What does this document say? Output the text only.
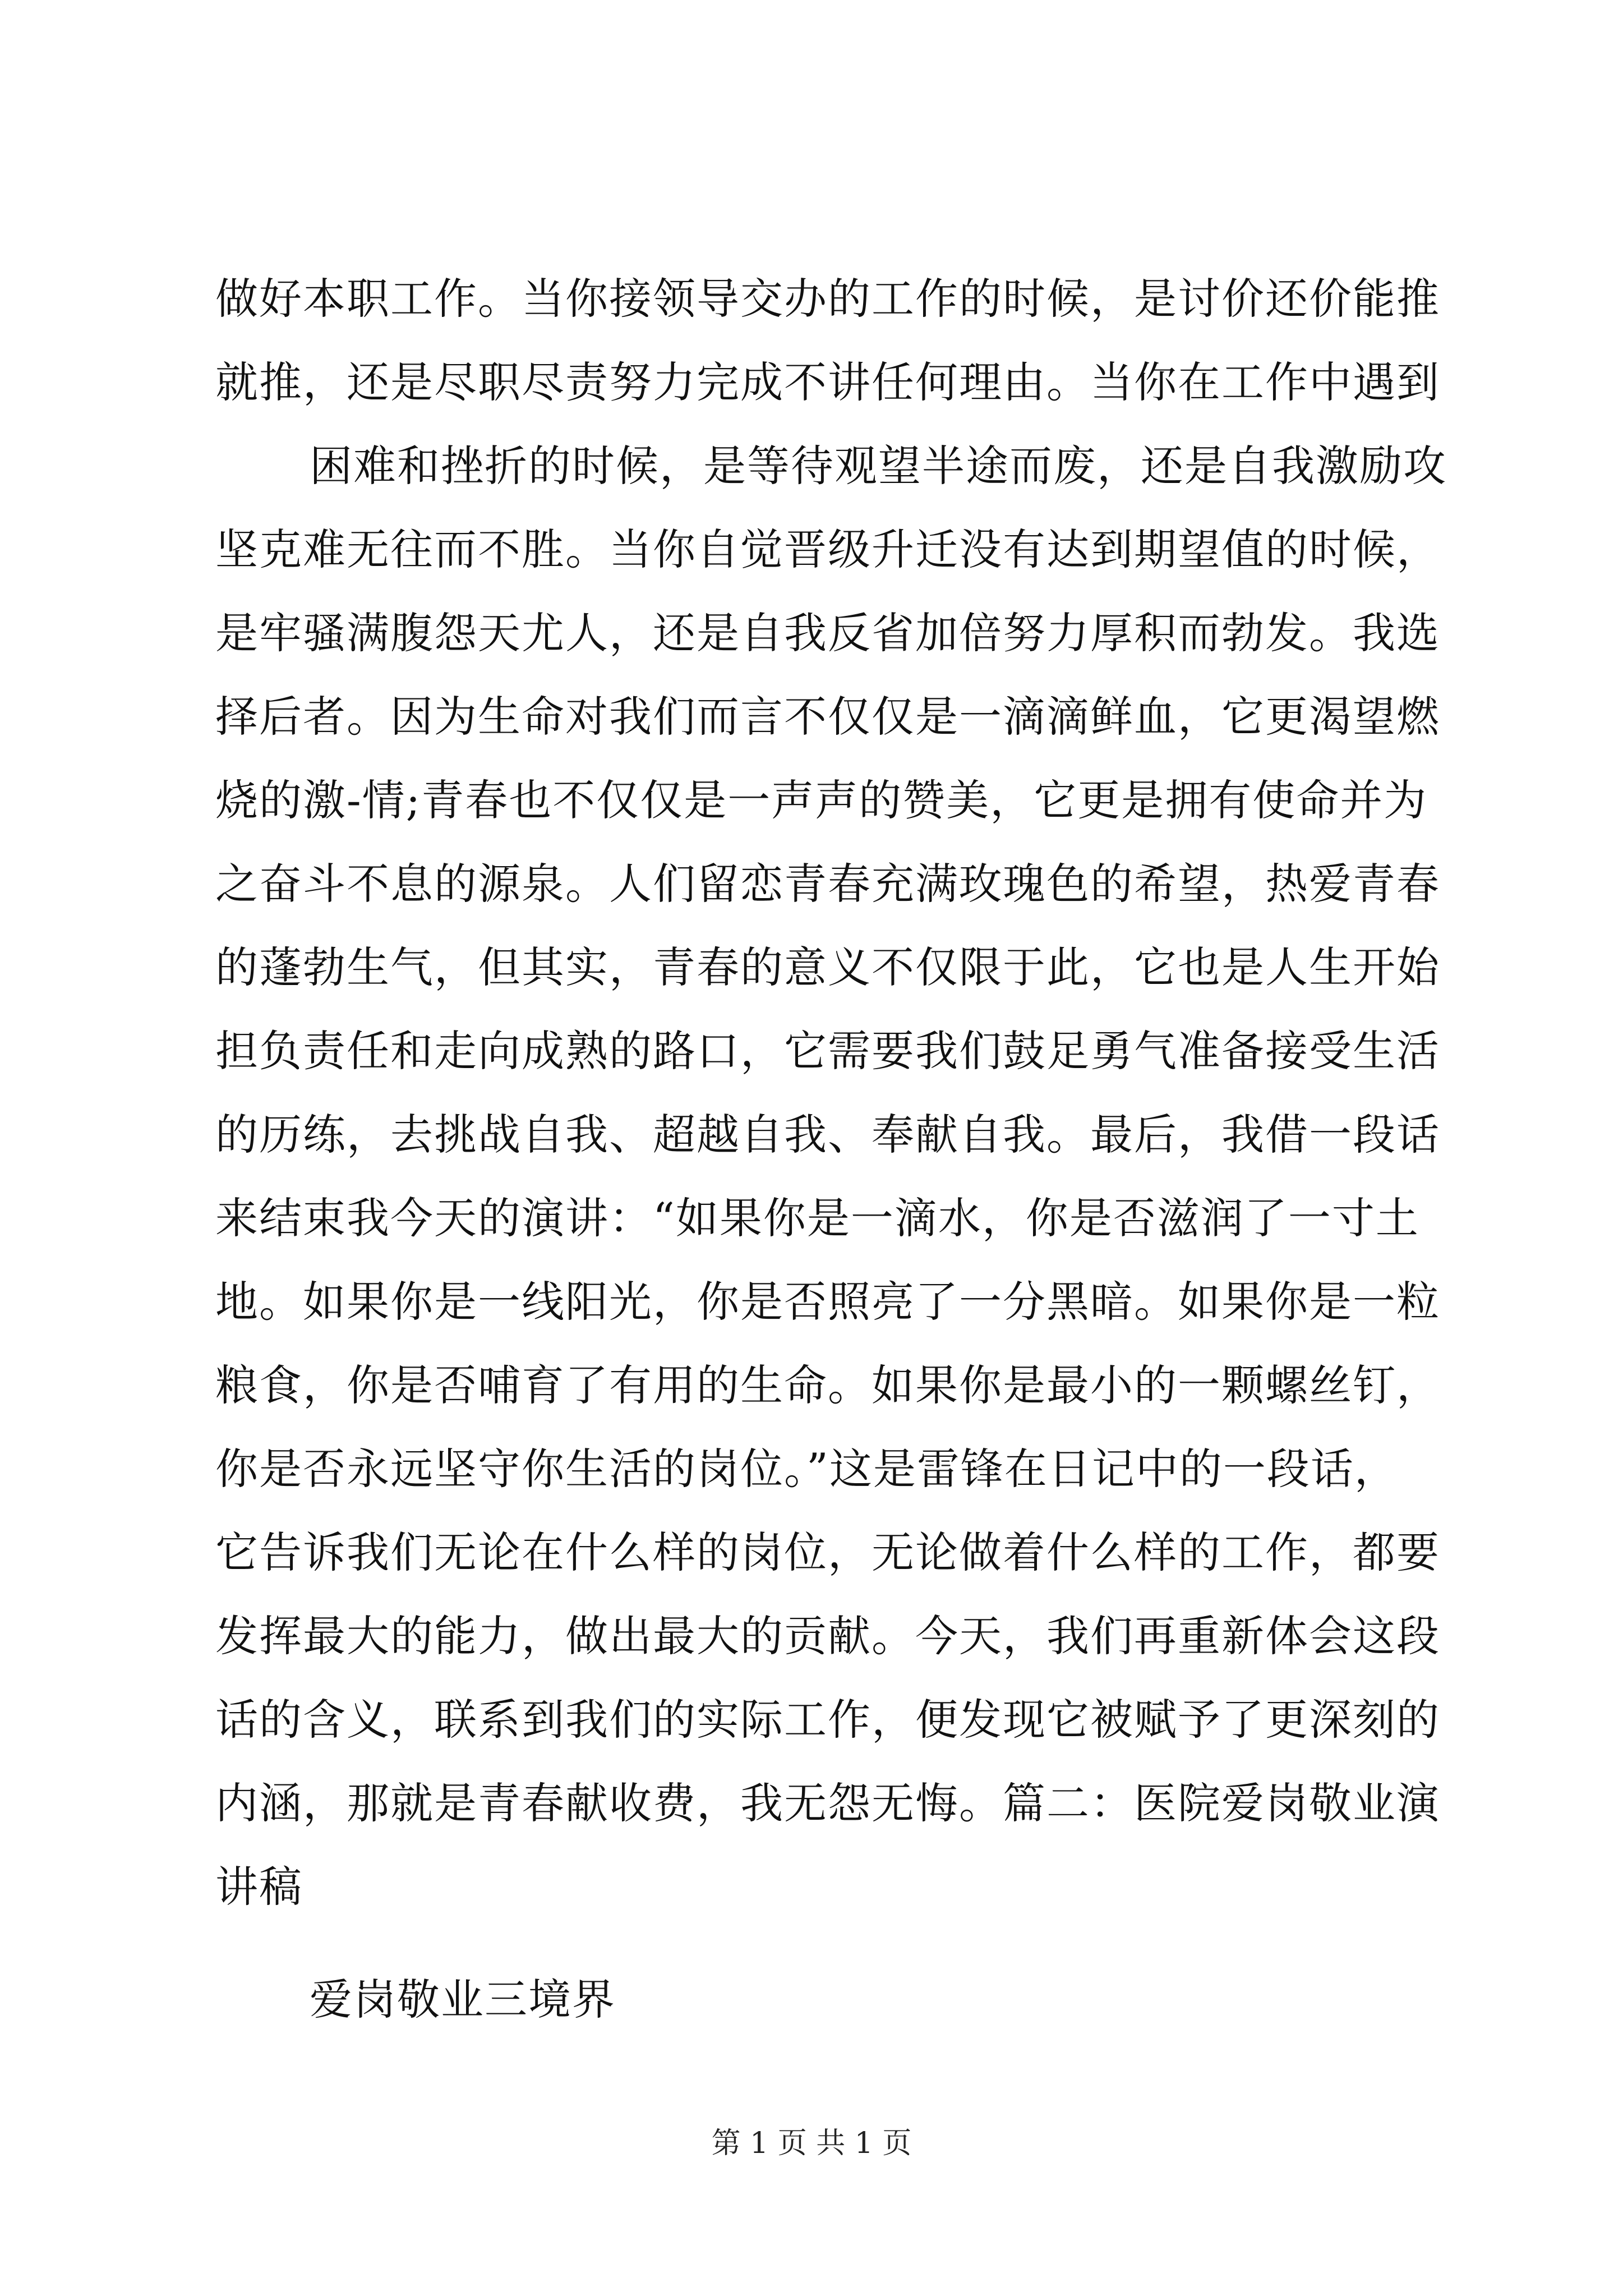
做好本职工作。当你接领导交办的工作的时候，是讨价还价能推
就推，还是尽职尽责努力完成不讲任何理由。当你在工作中遇到
困难和挫折的时候，是等待观望半途而废，还是自我激励攻
坚克难无往而不胜。当你自觉晋级升迁没有达到期望值的时候，
是牢骚满腹怨天尤人，还是自我反省加倍努力厚积而勃发。我选
择后者。因为生命对我们而言不仅仅是一滴滴鲜血，它更渴望燃
烧的激-情;青春也不仅仅是一声声的赞美，它更是拥有使命并为
之奋斗不息的源泉。人们留恋青春充满玫瑰色的希望，热爱青春
的蓬勃生气，但其实，青春的意义不仅限于此，它也是人生开始
担负责任和走向成熟的路口，它需要我们鼓足勇气准备接受生活
的历练，去挑战自我、超越自我、奉献自我。最后，我借一段话
来结束我今天的演讲：“如果你是一滴水，你是否滋润了一寸土
地。如果你是一线阳光，你是否照亮了一分黑暗。如果你是一粒
粮食，你是否哺育了有用的生命。如果你是最小的一颗螺丝钉，
你是否永远坚守你生活的岗位。”这是雷锋在日记中的一段话，
它告诉我们无论在什么样的岗位，无论做着什么样的工作，都要
发挥最大的能力，做出最大的贡献。今天，我们再重新体会这段
话的含义，联系到我们的实际工作，便发现它被赋予了更深刻的
内涵，那就是青春献收费，我无怨无悔。篇二：医院爱岗敬业演
讲稿
爱岗敬业三境界
第 1 页 共 1 页
